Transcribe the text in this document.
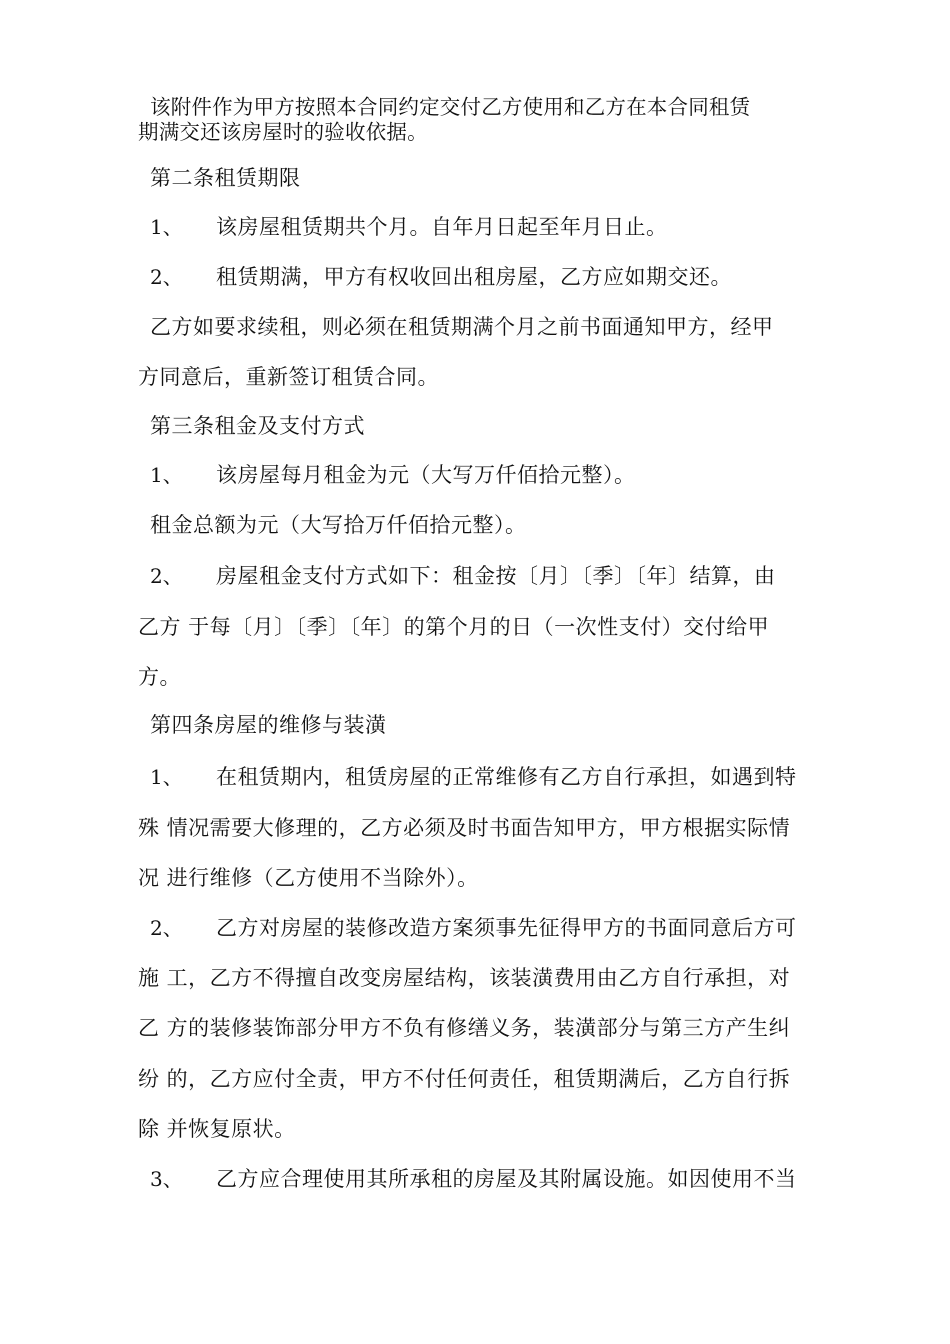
该附件作为甲方按照本合同约定交付乙方使用和乙方在本合同租赁
期满交还该房屋时的验收依据。
第二条租赁期限
1、 该房屋租赁期共个月。自年月日起至年月日止。
2、 租赁期满，甲方有权收回出租房屋，乙方应如期交还。
乙方如要求续租，则必须在租赁期满个月之前书面通知甲方，经甲
方同意后，重新签订租赁合同。
第三条租金及支付方式
1、 该房屋每月租金为元（大写万仟佰拾元整）。
租金总额为元（大写拾万仟佰拾元整）。
2、 房屋租金支付方式如下：租金按〔月〕〔季〕〔年〕结算，由
乙方 于每〔月〕〔季〕〔年〕的第个月的日（一次性支付）交付给甲
方。
第四条房屋的维修与装潢
1、 在租赁期内，租赁房屋的正常维修有乙方自行承担，如遇到特
殊 情况需要大修理的，乙方必须及时书面告知甲方，甲方根据实际情
况 进行维修（乙方使用不当除外）。
2、 乙方对房屋的装修改造方案须事先征得甲方的书面同意后方可
施 工，乙方不得擅自改变房屋结构，该装潢费用由乙方自行承担，对
乙 方的装修装饰部分甲方不负有修缮义务，装潢部分与第三方产生纠
纷 的，乙方应付全责，甲方不付任何责任，租赁期满后，乙方自行拆
除 并恢复原状。
3、 乙方应合理使用其所承租的房屋及其附属设施。如因使用不当
